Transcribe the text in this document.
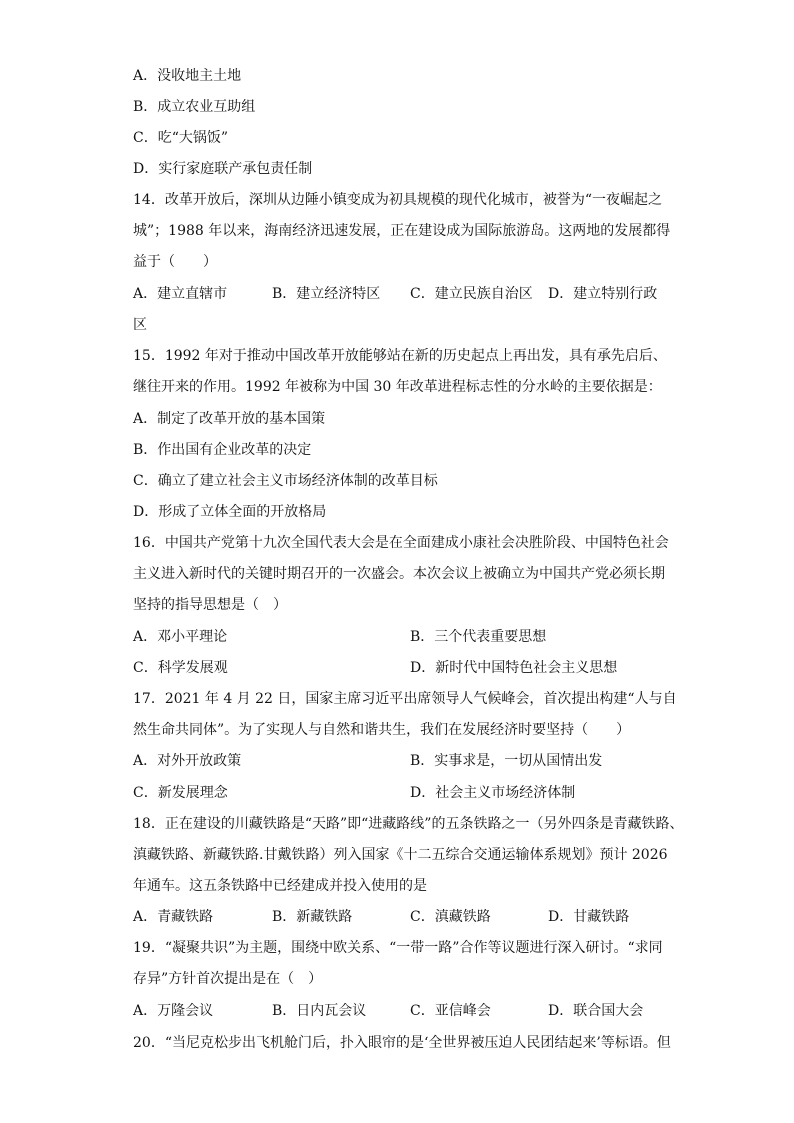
A．没收地主土地
B．成立农业互助组
C．吃“大锅饭”
D．实行家庭联产承包责任制
14．改革开放后，深圳从边陲小镇变成为初具规模的现代化城市，被誉为“一夜崛起之
城”；1988 年以来，海南经济迅速发展，正在建设成为国际旅游岛。这两地的发展都得
益于（　　）
A．建立直辖市	B．建立经济特区 C．建立民族自治区 D．建立特别行政
区
15．1992 年对于推动中国改革开放能够站在新的历史起点上再出发，具有承先启后、
继往开来的作用。1992 年被称为中国 30 年改革进程标志性的分水岭的主要依据是：
A．制定了改革开放的基本国策
B．作出国有企业改革的决定
C．确立了建立社会主义市场经济体制的改革目标
D．形成了立体全面的开放格局
16．中国共产党第十九次全国代表大会是在全面建成小康社会决胜阶段、中国特色社会
主义进入新时代的关键时期召开的一次盛会。本次会议上被确立为中国共产党必须长期
坚持的指导思想是（　）
A．邓小平理论	B．三个代表重要思想
C．科学发展观	D．新时代中国特色社会主义思想
17．2021 年 4 月 22 日，国家主席习近平出席领导人气候峰会，首次提出构建“人与自
然生命共同体”。为了实现人与自然和谐共生，我们在发展经济时要坚持（　　）
A．对外开放政策	B．实事求是，一切从国情出发
C．新发展理念	D．社会主义市场经济体制
18．正在建设的川藏铁路是“天路”即“进藏路线”的五条铁路之一（另外四条是青藏铁路、
滇藏铁路、新藏铁路.甘戴铁路）列入国家《十二五综合交通运输体系规划》预计 2026
年通车。这五条铁路中已经建成并投入使用的是
A．青藏铁路	B．新藏铁路	C．滇藏铁路	D．甘藏铁路
19．“凝聚共识”为主题，围绕中欧关系、“一带一路”合作等议题进行深入研讨。“求同
存异”方针首次提出是在（　）
A．万隆会议	B．日内瓦会议	C．亚信峰会	D．联合国大会
20．“当尼克松步出飞机舱门后，扑入眼帘的是‘全世界被压迫人民团结起来’等标语。但
